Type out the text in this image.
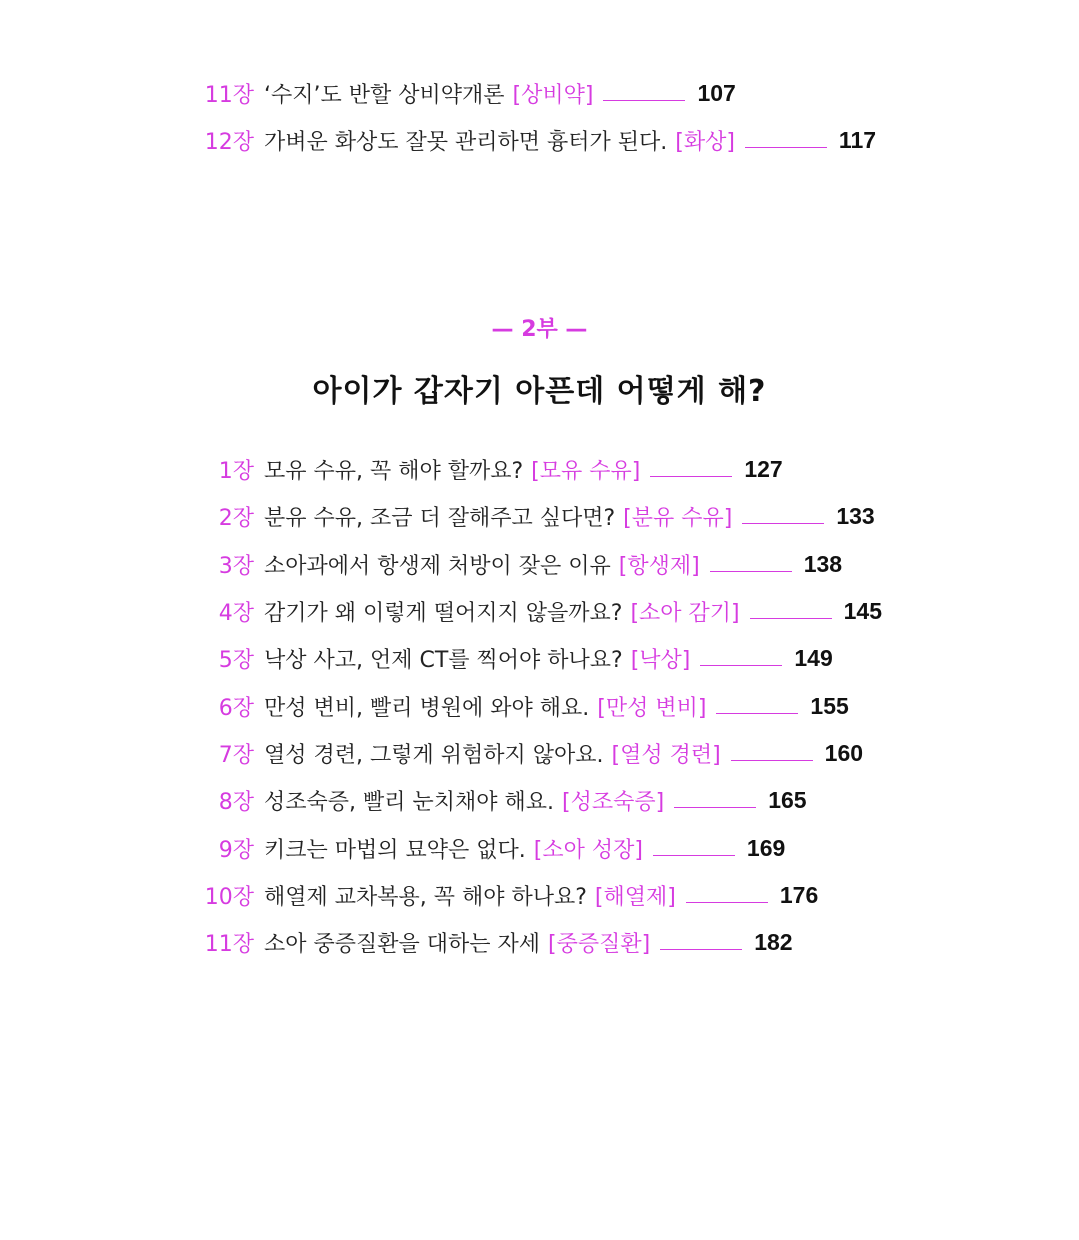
11장 ‘수지’도 반할 상비약개론 [상비약]	107
12장 가벼운 화상도 잘못 관리하면 흉터가 된다. [화상]	117
— 2부 —
아이가 갑자기 아픈데 어떻게 해?
1장 모유 수유, 꼭 해야 할까요? [모유 수유]	127
2장 분유 수유, 조금 더 잘해주고 싶다면? [분유 수유]	133
3장 소아과에서 항생제 처방이 잦은 이유 [항생제]	138
4장 감기가 왜 이렇게 떨어지지 않을까요? [소아 감기]	145
5장 낙상 사고, 언제 CT를 찍어야 하나요? [낙상]	149
6장 만성 변비, 빨리 병원에 와야 해요. [만성 변비]	155
7장 열성 경련, 그렇게 위험하지 않아요. [열성 경련]	160
8장 성조숙증, 빨리 눈치채야 해요. [성조숙증]	165
9장 키크는 마법의 묘약은 없다. [소아 성장]	169
10장 해열제 교차복용, 꼭 해야 하나요? [해열제]	176
11장 소아 중증질환을 대하는 자세 [중증질환]	182
